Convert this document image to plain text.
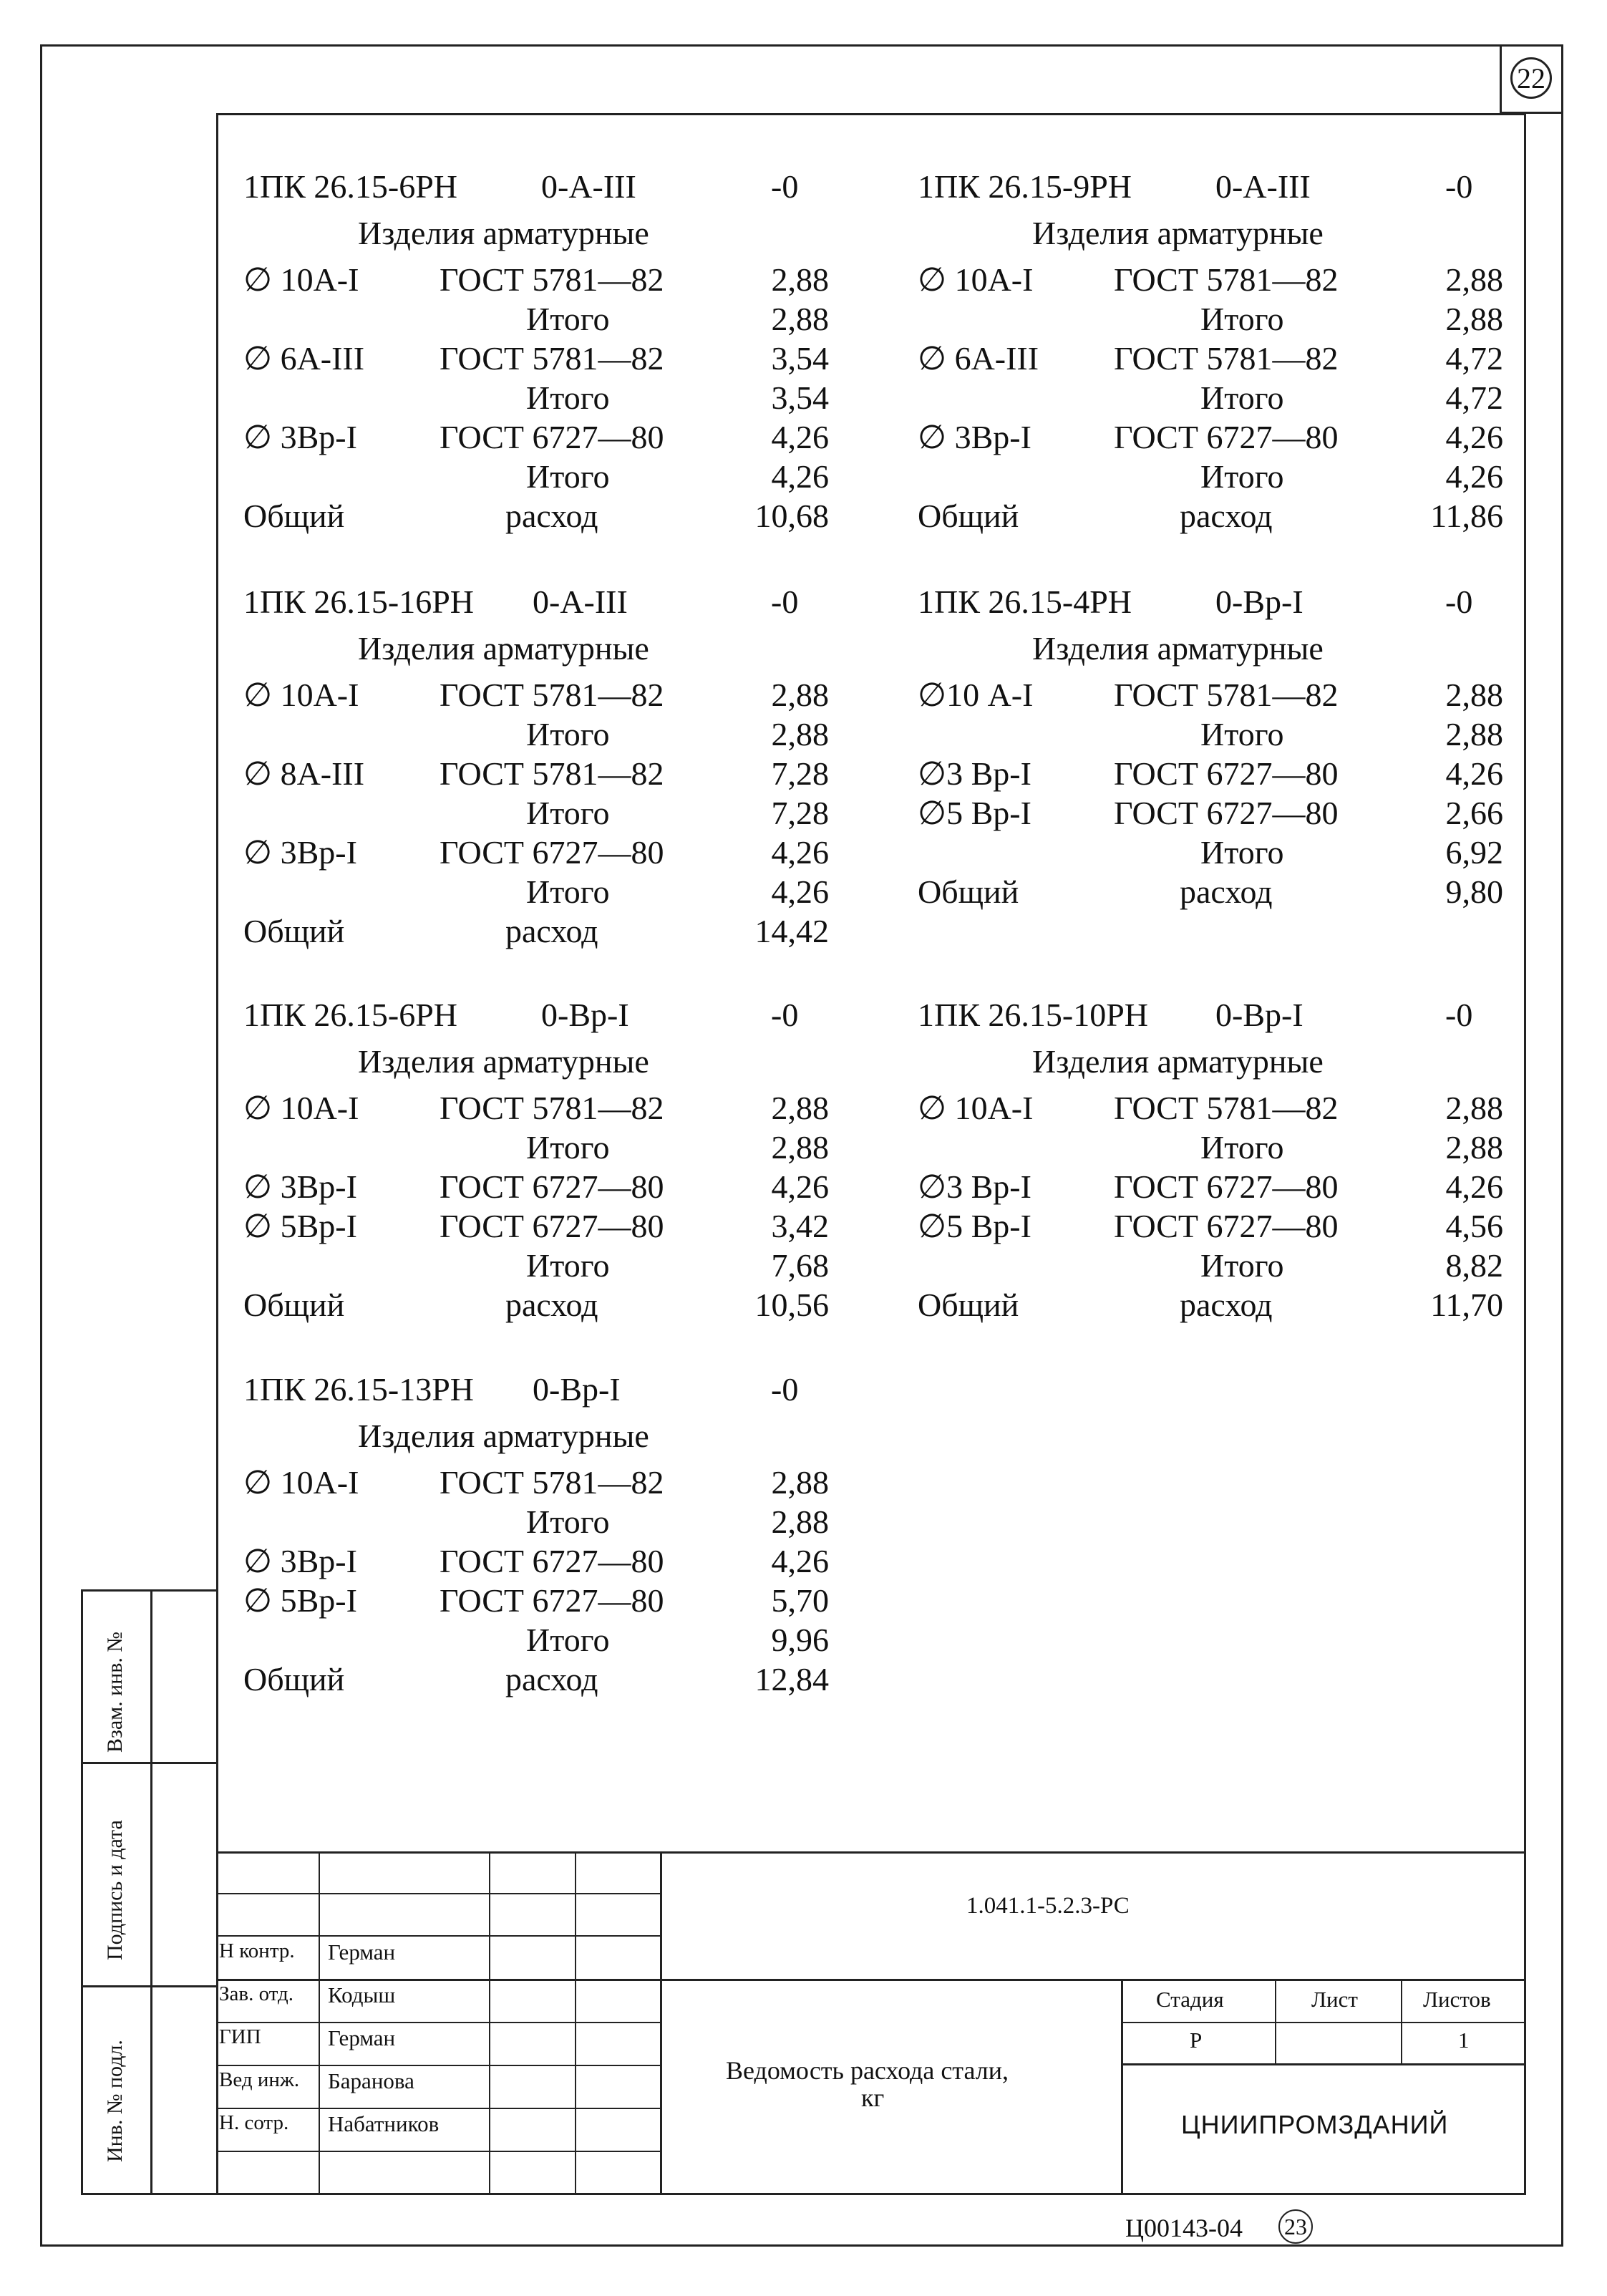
22
Взам. инв. №
Подпись и дата
Инв. № подл.
1ПК 26.15-6РН	0-А-III	-0
Изделия арматурные
∅ 10А-I ГОСТ 5781—82	2,88
Итого	2,88
∅ 6А-III ГОСТ 5781—82	3,54
Итого	3,54
∅ 3Вр-I	ГОСТ 6727—80	4,26
Итого	4,26
Общий	расход	10,68
1ПК 26.15-9РН	0-А-III	-0
Изделия арматурные
∅ 10А-I ГОСТ 5781—82	2,88
Итого	2,88
∅ 6А-III ГОСТ 5781—82	4,72
Итого	4,72
∅ 3Вр-I	ГОСТ 6727—80	4,26
Итого	4,26
Общий	расход	11,86
1ПК 26.15-16РН 0-А-III	-0
Изделия арматурные
∅ 10А-I ГОСТ 5781—82	2,88
Итого	2,88
∅ 8А-III ГОСТ 5781—82	7,28
Итого	7,28
∅ 3Вр-I	ГОСТ 6727—80	4,26
Итого	4,26
Общий	расход	14,42
1ПК 26.15-4РН	0-Вр-I	-0
Изделия арматурные
∅10 А-I ГОСТ 5781—82	2,88
Итого	2,88
∅3 Вр-I	ГОСТ 6727—80	4,26
∅5 Вр-I	ГОСТ 6727—80	2,66
Итого	6,92
Общий	расход	9,80
1ПК 26.15-6РН	0-Вр-I	-0
Изделия арматурные
∅ 10А-I ГОСТ 5781—82	2,88
Итого	2,88
∅ 3Вр-I	ГОСТ 6727—80	4,26
∅ 5Вр-I	ГОСТ 6727—80	3,42
Итого	7,68
Общий	расход	10,56
1ПК 26.15-10РН 0-Вр-I	-0
Изделия арматурные
∅ 10А-I ГОСТ 5781—82	2,88
Итого	2,88
∅3 Вр-I	ГОСТ 6727—80	4,26
∅5 Вр-I	ГОСТ 6727—80	4,56
Итого	8,82
Общий	расход	11,70
1ПК 26.15-13РН 0-Вр-I	-0
Изделия арматурные
∅ 10А-I ГОСТ 5781—82	2,88
Итого	2,88
∅ 3Вр-I	ГОСТ 6727—80	4,26
∅ 5Вр-I	ГОСТ 6727—80	5,70
Итого	9,96
Общий	расход	12,84
1.041.1-5.2.3-РС
Н контр. Герман
Зав. отд. Кодыш
ГИП	Герман
Вед инж. Баранова
Н. сотр. Набатников
Ведомость расхода стали,
кг
Стадия	Лист	Листов
Р	1
ЦНИИПРОМЗДАНИЙ
Ц00143-04 23
